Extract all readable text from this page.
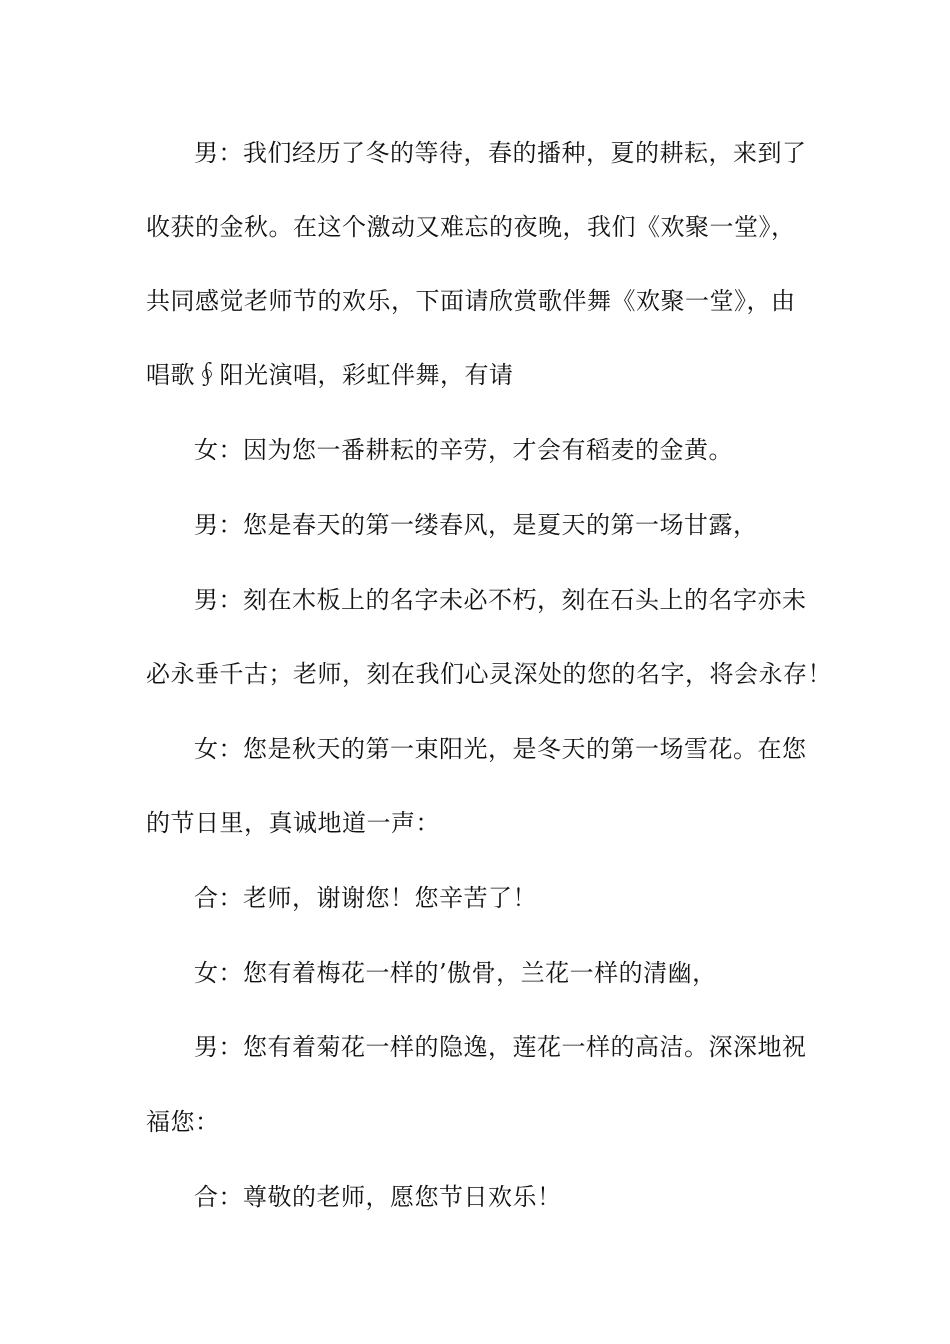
男：我们经历了冬的等待，春的播种，夏的耕耘，来到了
收获的金秋。在这个激动又难忘的夜晚，我们《欢聚一堂》，
共同感觉老师节的欢乐，下面请欣赏歌伴舞《欢聚一堂》，由
唱歌∮阳光演唱，彩虹伴舞，有请
女：因为您一番耕耘的辛劳，才会有稻麦的金黄。
男：您是春天的第一缕春风，是夏天的第一场甘露，
男：刻在木板上的名字未必不朽，刻在石头上的名字亦未
必永垂千古；老师，刻在我们心灵深处的您的名字，将会永存！
女：您是秋天的第一束阳光，是冬天的第一场雪花。在您
的节日里，真诚地道一声：
合：老师，谢谢您！您辛苦了！
女：您有着梅花一样的’傲骨，兰花一样的清幽，
男：您有着菊花一样的隐逸，莲花一样的高洁。深深地祝
福您：
合：尊敬的老师，愿您节日欢乐！
